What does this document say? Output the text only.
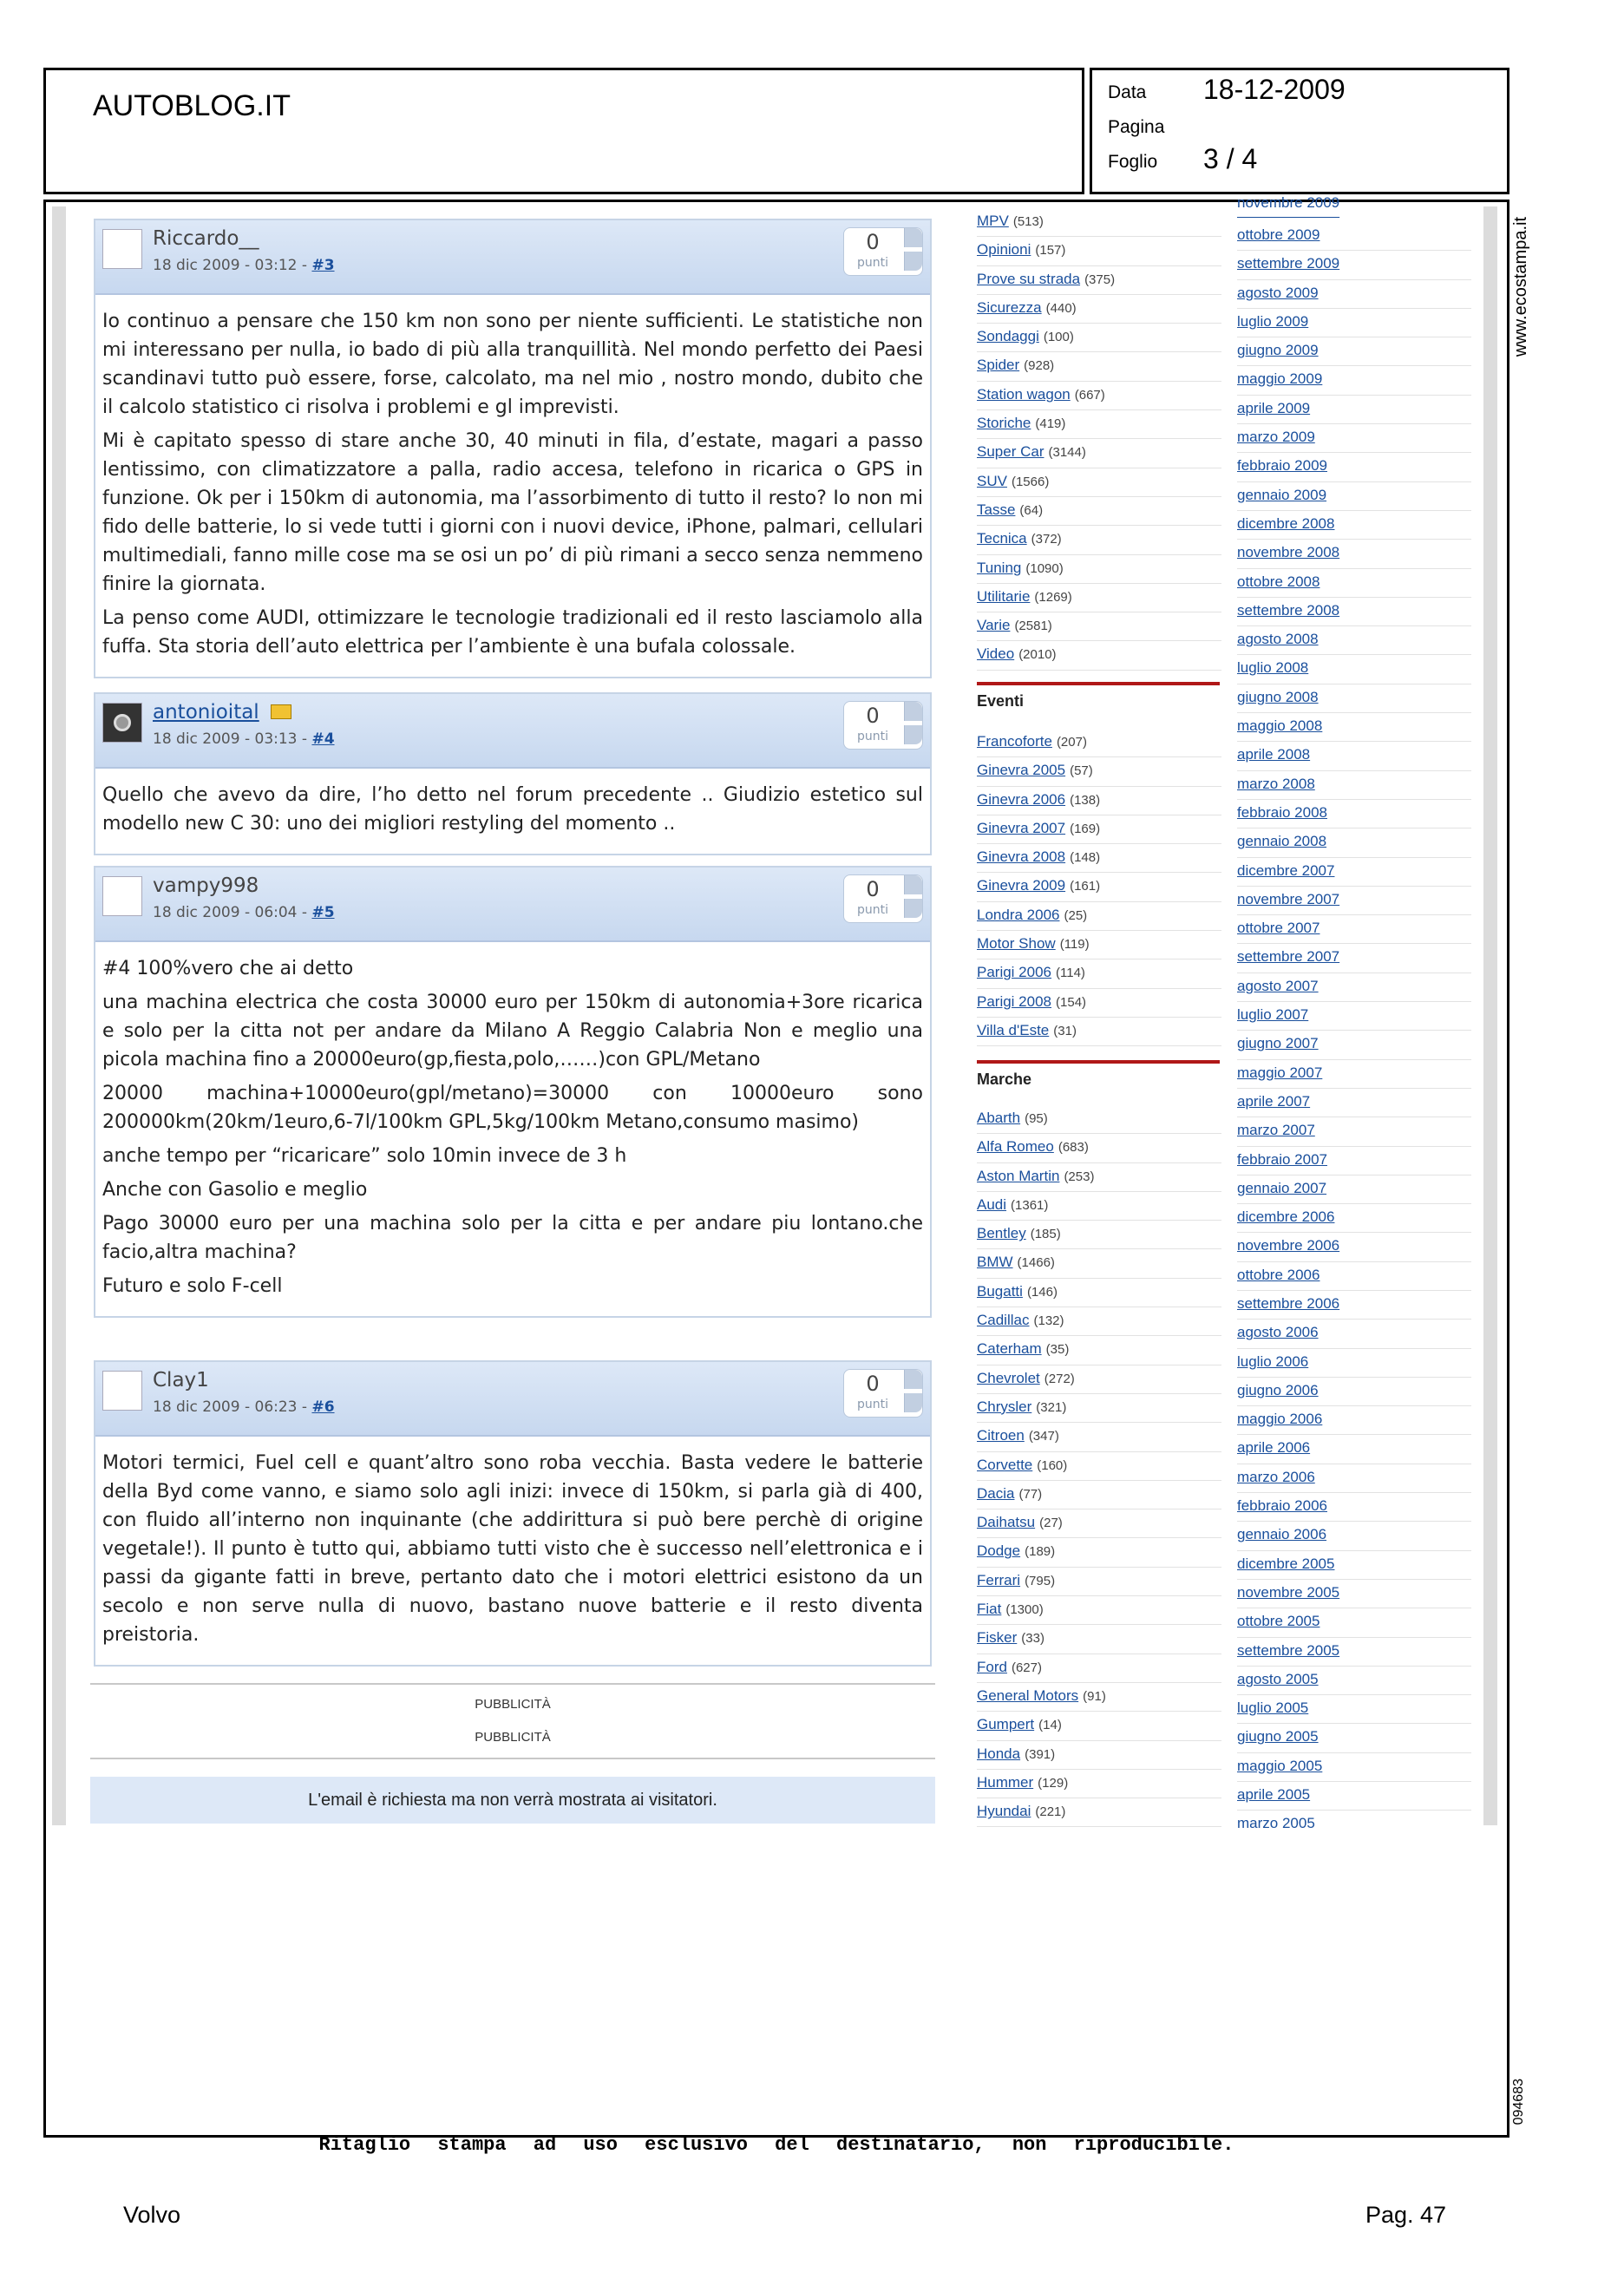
AUTOBLOG.IT	Data 18-12-2009
Pagina
Foglio 3 / 4
www.ecostampa.it
094683
Riccardo__
18 dic 2009 - 03:12 - #3
0
punti

Io continuo a pensare che 150 km non sono per niente sufficienti. Le statistiche non mi interessano per nulla, io bado di più alla tranquillità. Nel mondo perfetto dei Paesi scandinavi tutto può essere, forse, calcolato, ma nel mio , nostro mondo, dubito che il calcolo statistico ci risolva i problemi e gl imprevisti.

Mi è capitato spesso di stare anche 30, 40 minuti in fila, d’estate, magari a passo lentissimo, con climatizzatore a palla, radio accesa, telefono in ricarica o GPS in funzione. Ok per i 150km di autonomia, ma l’assorbimento di tutto il resto? Io non mi fido delle batterie, lo si vede tutti i giorni con i nuovi device, iPhone, palmari, cellulari multimediali, fanno mille cose ma se osi un po’ di più rimani a secco senza nemmeno finire la giornata.

La penso come AUDI, ottimizzare le tecnologie tradizionali ed il resto lasciamolo alla fuffa. Sta storia dell’auto elettrica per l’ambiente è una bufala colossale.

antonioital
18 dic 2009 - 03:13 - #4
0
punti

Quello che avevo da dire, l’ho detto nel forum precedente .. Giudizio estetico sul modello new C 30: uno dei migliori restyling del momento ..

vampy998
18 dic 2009 - 06:04 - #5
0
punti

#4 100%vero che ai detto

una machina electrica che costa 30000 euro per 150km di autonomia+3ore ricarica e solo per la citta not per andare da Milano A Reggio Calabria Non e meglio una picola machina fino a 20000euro(gp,fiesta,polo,……)con GPL/Metano

20000 machina+10000euro(gpl/metano)=30000 con 10000euro sono 200000km(20km/1euro,6-7l/100km GPL,5kg/100km Metano,consumo masimo)

anche tempo per “ricaricare” solo 10min invece de 3 h

Anche con Gasolio e meglio

Pago 30000 euro per una machina solo per la citta e per andare piu lontano.che facio,altra machina?

Futuro e solo F-cell

Clay1
18 dic 2009 - 06:23 - #6
0
punti

Motori termici, Fuel cell e quant’altro sono roba vecchia. Basta vedere le batterie della Byd come vanno, e siamo solo agli inizi: invece di 150km, si parla già di 400, con fluido all’interno non inquinante (che addirittura si può bere perchè di origine vegetale!). Il punto è tutto qui, abbiamo tutti visto che è successo nell’elettronica e i passi da gigante fatti in breve, pertanto dato che i motori elettrici esistono da un secolo e non serve nulla di nuovo, bastano nuove batterie e il resto diventa preistoria.

PUBBLICITÀ
PUBBLICITÀ
L'email è richiesta ma non verrà mostrata ai visitatori.
MPV (513)
Opinioni (157)
Prove su strada (375)
Sicurezza (440)
Sondaggi (100)
Spider (928)
Station wagon (667)
Storiche (419)
Super Car (3144)
SUV (1566)
Tasse (64)
Tecnica (372)
Tuning (1090)
Utilitarie (1269)
Varie (2581)
Video (2010)
Eventi
Francoforte (207)
Ginevra 2005 (57)
Ginevra 2006 (138)
Ginevra 2007 (169)
Ginevra 2008 (148)
Ginevra 2009 (161)
Londra 2006 (25)
Motor Show (119)
Parigi 2006 (114)
Parigi 2008 (154)
Villa d'Este (31)
Marche
Abarth (95)
Alfa Romeo (683)
Aston Martin (253)
Audi (1361)
Bentley (185)
BMW (1466)
Bugatti (146)
Cadillac (132)
Caterham (35)
Chevrolet (272)
Chrysler (321)
Citroen (347)
Corvette (160)
Dacia (77)
Daihatsu (27)
Dodge (189)
Ferrari (795)
Fiat (1300)
Fisker (33)
Ford (627)
General Motors (91)
Gumpert (14)
Honda (391)
Hummer (129)
Hyundai (221)
novembre 2009
ottobre 2009
settembre 2009
agosto 2009
luglio 2009
giugno 2009
maggio 2009
aprile 2009
marzo 2009
febbraio 2009
gennaio 2009
dicembre 2008
novembre 2008
ottobre 2008
settembre 2008
agosto 2008
luglio 2008
giugno 2008
maggio 2008
aprile 2008
marzo 2008
febbraio 2008
gennaio 2008
dicembre 2007
novembre 2007
ottobre 2007
settembre 2007
agosto 2007
luglio 2007
giugno 2007
maggio 2007
aprile 2007
marzo 2007
febbraio 2007
gennaio 2007
dicembre 2006
novembre 2006
ottobre 2006
settembre 2006
agosto 2006
luglio 2006
giugno 2006
maggio 2006
aprile 2006
marzo 2006
febbraio 2006
gennaio 2006
dicembre 2005
novembre 2005
ottobre 2005
settembre 2005
agosto 2005
luglio 2005
giugno 2005
maggio 2005
aprile 2005
marzo 2005
Ritaglio stampa ad uso esclusivo del destinatario, non riproducibile.
Volvo	Pag. 47
